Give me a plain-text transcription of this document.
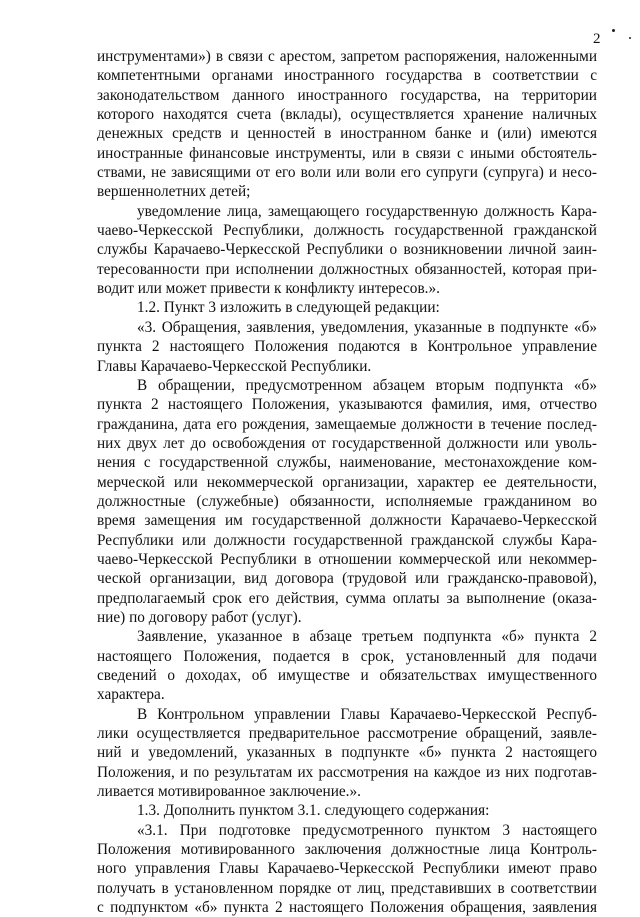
2
инструментами») в связи с арестом, запретом распоряжения, наложенными
компетентными органами иностранного государства в соответствии с
законодательством данного иностранного государства, на территории
которого находятся счета (вклады), осуществляется хранение наличных
денежных средств и ценностей в иностранном банке и (или) имеются
иностранные финансовые инструменты, или в связи с иными обстоятель-
ствами, не зависящими от его воли или воли его супруги (супруга) и несо-
вершеннолетних детей;
уведомление лица, замещающего государственную должность Кара-
чаево-Черкесской Республики, должность государственной гражданской
службы Карачаево-Черкесской Республики о возникновении личной заин-
тересованности при исполнении должностных обязанностей, которая при-
водит или может привести к конфликту интересов.».
1.2. Пункт 3 изложить в следующей редакции:
«3. Обращения, заявления, уведомления, указанные в подпункте «б»
пункта 2 настоящего Положения подаются в Контрольное управление
Главы Карачаево-Черкесской Республики.
В обращении, предусмотренном абзацем вторым подпункта «б»
пункта 2 настоящего Положения, указываются фамилия, имя, отчество
гражданина, дата его рождения, замещаемые должности в течение послед-
них двух лет до освобождения от государственной должности или уволь-
нения с государственной службы, наименование, местонахождение ком-
мерческой или некоммерческой организации, характер ее деятельности,
должностные (служебные) обязанности, исполняемые гражданином во
время замещения им государственной должности Карачаево-Черкесской
Республики или должности государственной гражданской службы Кара-
чаево-Черкесской Республики в отношении коммерческой или некоммер-
ческой организации, вид договора (трудовой или гражданско-правовой),
предполагаемый срок его действия, сумма оплаты за выполнение (оказа-
ние) по договору работ (услуг).
Заявление, указанное в абзаце третьем подпункта «б» пункта 2
настоящего Положения, подается в срок, установленный для подачи
сведений о доходах, об имуществе и обязательствах имущественного
характера.
В Контрольном управлении Главы Карачаево-Черкесской Респуб-
лики осуществляется предварительное рассмотрение обращений, заявле-
ний и уведомлений, указанных в подпункте «б» пункта 2 настоящего
Положения, и по результатам их рассмотрения на каждое из них подготав-
ливается мотивированное заключение.».
1.3. Дополнить пунктом 3.1. следующего содержания:
«3.1. При подготовке предусмотренного пунктом 3 настоящего
Положения мотивированного заключения должностные лица Контроль-
ного управления Главы Карачаево-Черкесской Республики имеют право
получать в установленном порядке от лиц, представивших в соответствии
с подпунктом «б» пункта 2 настоящего Положения обращения, заявления
